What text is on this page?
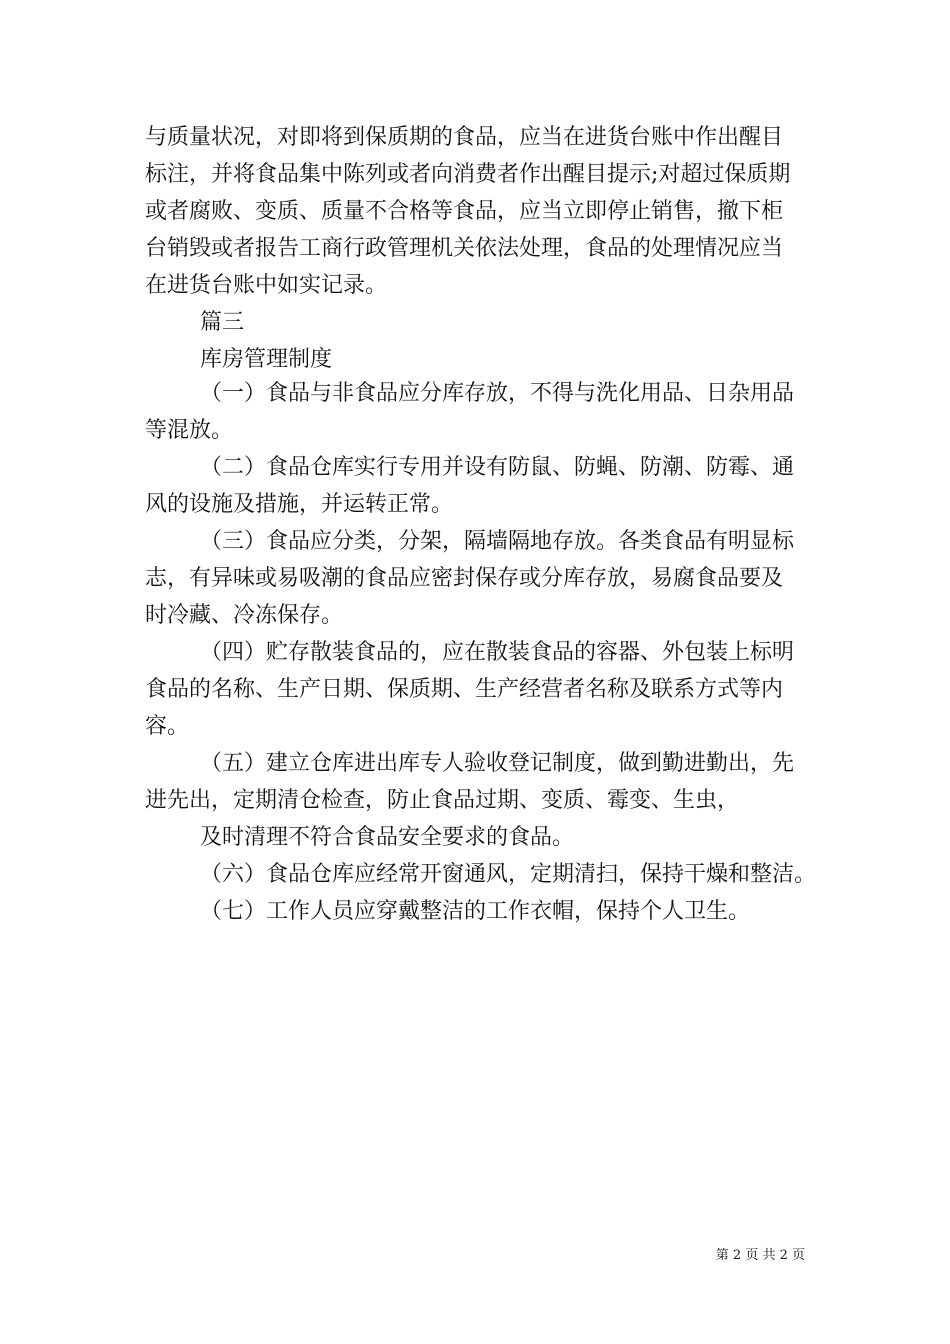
与质量状况，对即将到保质期的食品，应当在进货台账中作出醒目
标注，并将食品集中陈列或者向消费者作出醒目提示;对超过保质期
或者腐败、变质、质量不合格等食品，应当立即停止销售，撤下柜
台销毁或者报告工商行政管理机关依法处理，食品的处理情况应当
在进货台账中如实记录。
篇三
库房管理制度
（一）食品与非食品应分库存放，不得与洗化用品、日杂用品
等混放。
（二）食品仓库实行专用并设有防鼠、防蝇、防潮、防霉、通
风的设施及措施，并运转正常。
（三）食品应分类，分架，隔墙隔地存放。各类食品有明显标
志，有异味或易吸潮的食品应密封保存或分库存放，易腐食品要及
时冷藏、冷冻保存。
（四）贮存散装食品的，应在散装食品的容器、外包装上标明
食品的名称、生产日期、保质期、生产经营者名称及联系方式等内
容。
（五）建立仓库进出库专人验收登记制度，做到勤进勤出，先
进先出，定期清仓检查，防止食品过期、变质、霉变、生虫，
及时清理不符合食品安全要求的食品。
（六）食品仓库应经常开窗通风，定期清扫，保持干燥和整洁。
（七）工作人员应穿戴整洁的工作衣帽，保持个人卫生。
第 2 页 共 2 页
